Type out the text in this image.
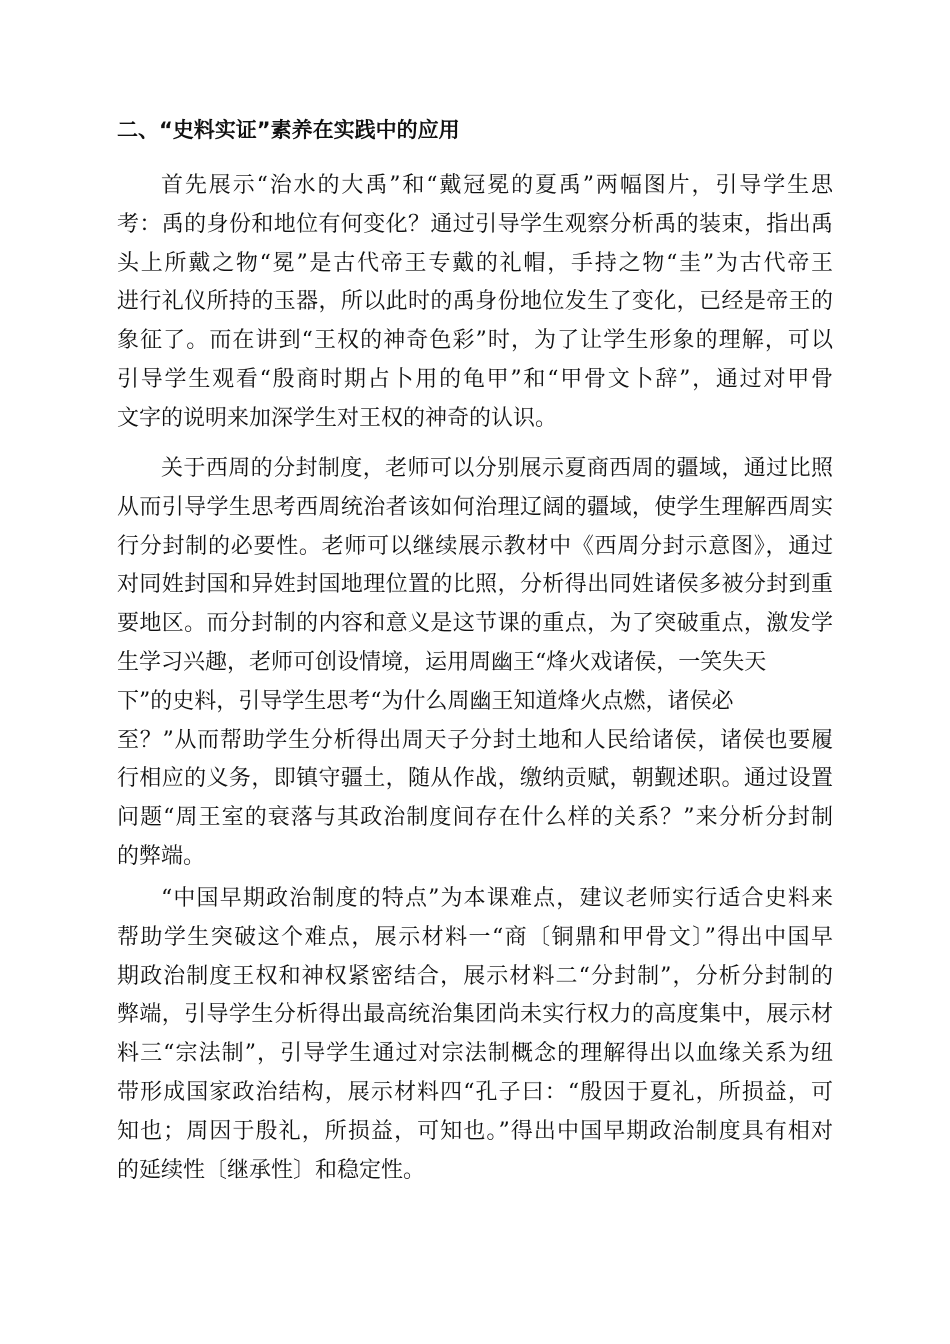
二、“史料实证”素养在实践中的应用
首先展示“治水的大禹”和“戴冠冕的夏禹”两幅图片，引导学生思
考：禹的身份和地位有何变化？通过引导学生观察分析禹的装束，指出禹
头上所戴之物“冕”是古代帝王专戴的礼帽，手持之物“圭”为古代帝王
进行礼仪所持的玉器，所以此时的禹身份地位发生了变化，已经是帝王的
象征了。而在讲到“王权的神奇色彩”时，为了让学生形象的理解，可以
引导学生观看“殷商时期占卜用的龟甲”和“甲骨文卜辞”，通过对甲骨
文字的说明来加深学生对王权的神奇的认识。
关于西周的分封制度，老师可以分别展示夏商西周的疆域，通过比照
从而引导学生思考西周统治者该如何治理辽阔的疆域，使学生理解西周实
行分封制的必要性。老师可以继续展示教材中《西周分封示意图》，通过
对同姓封国和异姓封国地理位置的比照，分析得出同姓诸侯多被分封到重
要地区。而分封制的内容和意义是这节课的重点，为了突破重点，激发学
生学习兴趣，老师可创设情境，运用周幽王“烽火戏诸侯，一笑失天
下”的史料，引导学生思考“为什么周幽王知道烽火点燃，诸侯必
至？”从而帮助学生分析得出周天子分封土地和人民给诸侯，诸侯也要履
行相应的义务，即镇守疆土，随从作战，缴纳贡赋，朝觐述职。通过设置
问题“周王室的衰落与其政治制度间存在什么样的关系？”来分析分封制
的弊端。
“中国早期政治制度的特点”为本课难点，建议老师实行适合史料来
帮助学生突破这个难点，展示材料一“商〔铜鼎和甲骨文〕”得出中国早
期政治制度王权和神权紧密结合，展示材料二“分封制”，分析分封制的
弊端，引导学生分析得出最高统治集团尚未实行权力的高度集中，展示材
料三“宗法制”，引导学生通过对宗法制概念的理解得出以血缘关系为纽
带形成国家政治结构，展示材料四“孔子曰：“殷因于夏礼，所损益，可
知也；周因于殷礼，所损益，可知也。”得出中国早期政治制度具有相对
的延续性〔继承性〕和稳定性。
